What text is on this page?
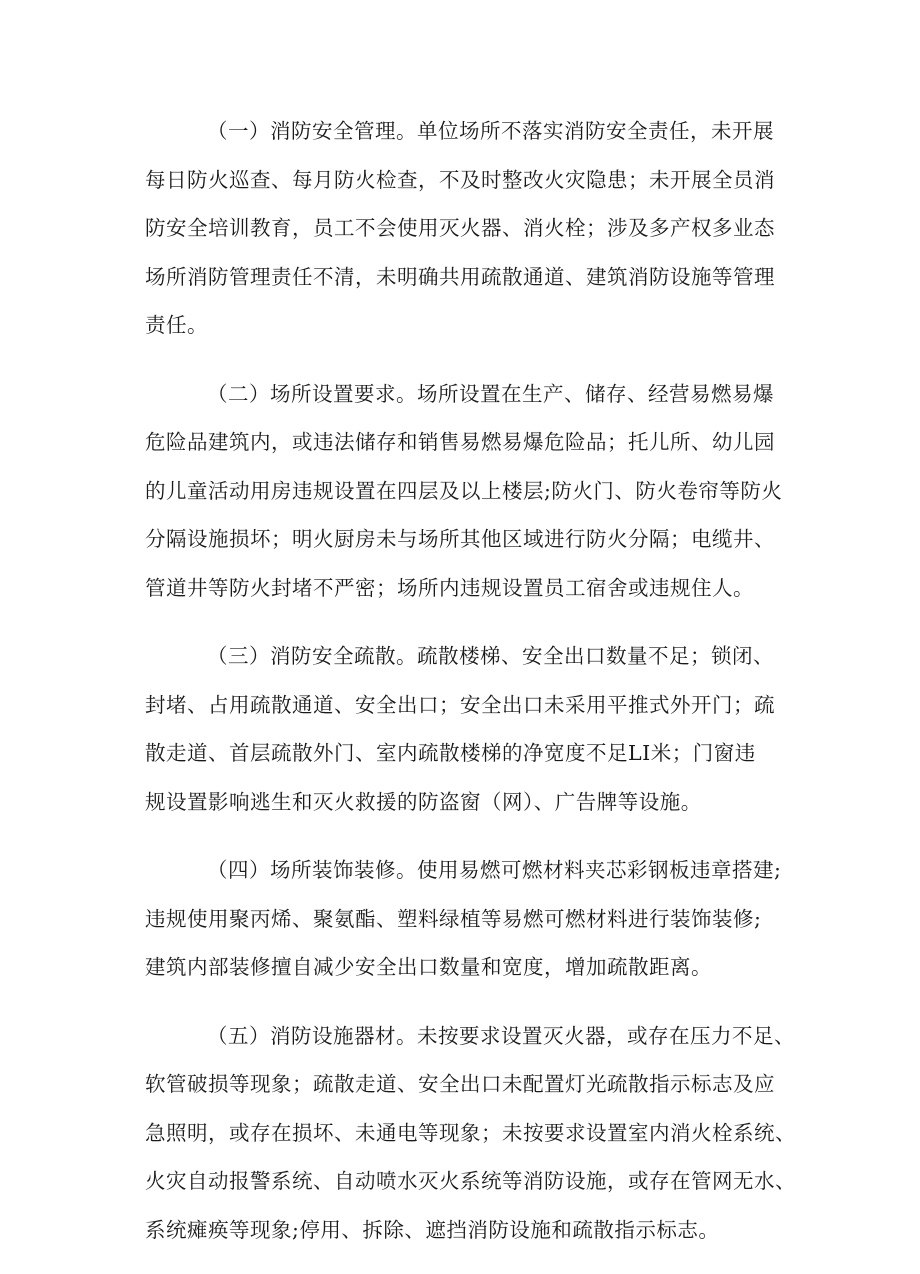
（一）消防安全管理。单位场所不落实消防安全责任，未开展
每日防火巡查、每月防火检查，不及时整改火灾隐患；未开展全员消
防安全培训教育，员工不会使用灭火器、消火栓；涉及多产权多业态
场所消防管理责任不清，未明确共用疏散通道、建筑消防设施等管理
责任。
（二）场所设置要求。场所设置在生产、储存、经营易燃易爆
危险品建筑内，或违法储存和销售易燃易爆危险品；托儿所、幼儿园
的儿童活动用房违规设置在四层及以上楼层;防火门、防火卷帘等防火
分隔设施损坏；明火厨房未与场所其他区域进行防火分隔；电缆井、
管道井等防火封堵不严密；场所内违规设置员工宿舍或违规住人。
（三）消防安全疏散。疏散楼梯、安全出口数量不足；锁闭、
封堵、占用疏散通道、安全出口；安全出口未采用平推式外开门；疏
散走道、首层疏散外门、室内疏散楼梯的净宽度不足LI米；门窗违
规设置影响逃生和灭火救援的防盗窗（网）、广告牌等设施。
（四）场所装饰装修。使用易燃可燃材料夹芯彩钢板违章搭建;
违规使用聚丙烯、聚氨酯、塑料绿植等易燃可燃材料进行装饰装修;
建筑内部装修擅自减少安全出口数量和宽度，增加疏散距离。
（五）消防设施器材。未按要求设置灭火器，或存在压力不足、
软管破损等现象；疏散走道、安全出口未配置灯光疏散指示标志及应
急照明，或存在损坏、未通电等现象；未按要求设置室内消火栓系统、
火灾自动报警系统、自动喷水灭火系统等消防设施，或存在管网无水、
系统瘫痪等现象;停用、拆除、遮挡消防设施和疏散指示标志。
